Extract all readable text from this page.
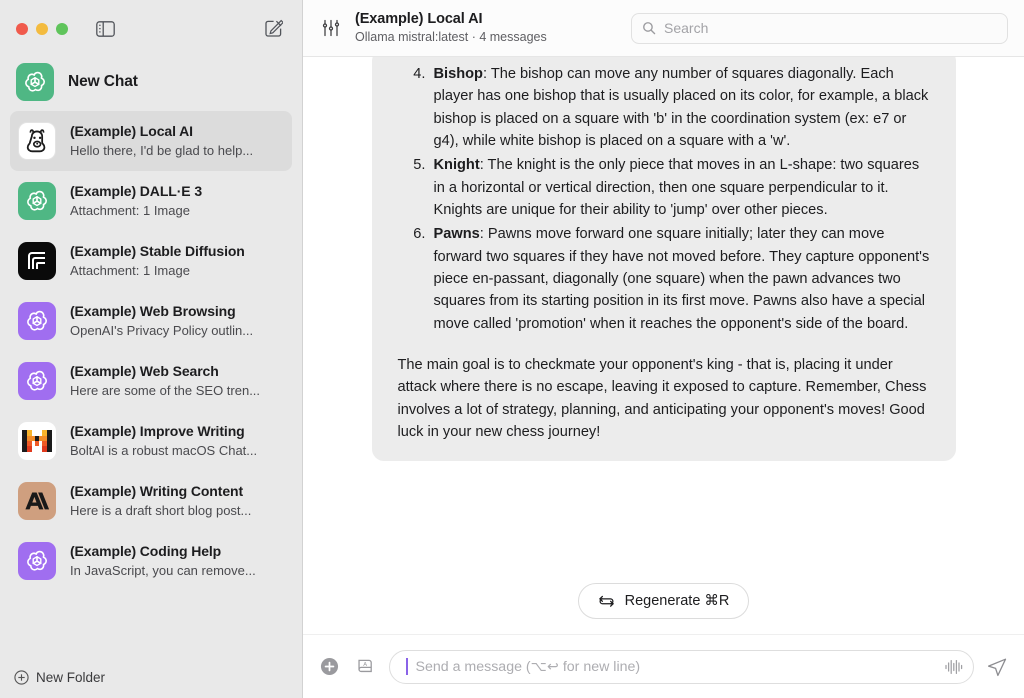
New Chat
(Example) Local AI
Hello there, I'd be glad to help...
(Example) DALL·E 3
Attachment: 1 Image
(Example) Stable Diffusion
Attachment: 1 Image
(Example) Web Browsing
OpenAI's Privacy Policy outlin...
(Example) Web Search
Here are some of the SEO tren...
(Example) Improve Writing
BoltAI is a robust macOS Chat...
(Example) Writing Content
Here is a draft short blog post...
(Example) Coding Help
In JavaScript, you can remove...
New Folder
(Example) Local AI
Ollama mistral:latest · 4 messages
Search
4. Bishop: The bishop can move any number of squares diagonally. Each player has one bishop that is usually placed on its color, for example, a black bishop is placed on a square with 'b' in the coordination system (ex: e7 or g4), while white bishop is placed on a square with a 'w'.
5. Knight: The knight is the only piece that moves in an L-shape: two squares in a horizontal or vertical direction, then one square perpendicular to it. Knights are unique for their ability to 'jump' over other pieces.
6. Pawns: Pawns move forward one square initially; later they can move forward two squares if they have not moved before. They capture opponent's piece en-passant, diagonally (one square) when the pawn advances two squares from its starting position in its first move. Pawns also have a special move called 'promotion' when it reaches the opponent's side of the board.

The main goal is to checkmate your opponent's king - that is, placing it under attack where there is no escape, leaving it exposed to capture. Remember, Chess involves a lot of strategy, planning, and anticipating your opponent's moves! Good luck in your new chess journey!

Regenerate ⌘R
A	Send a message (⌥↩ for new line)
